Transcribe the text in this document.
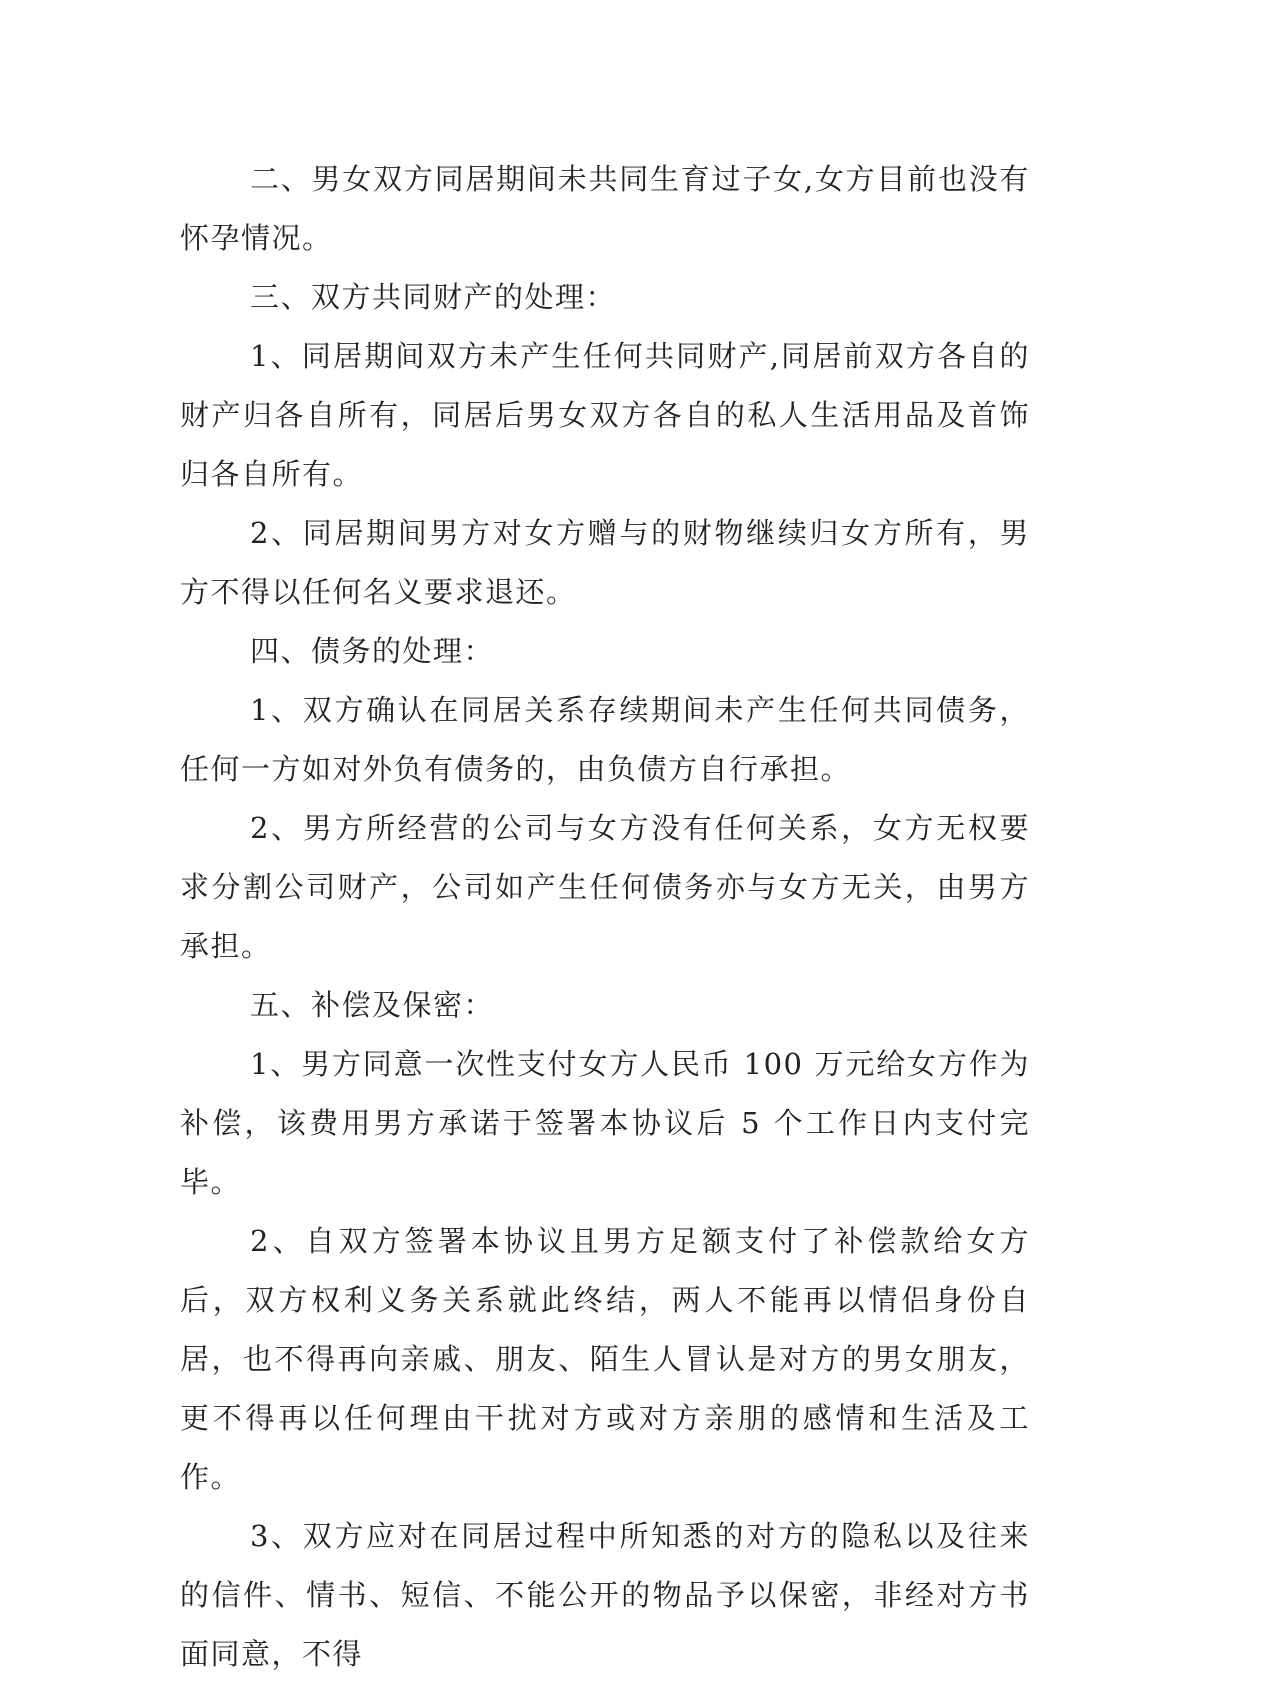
二、男女双方同居期间未共同生育过子女,女方目前也没有怀孕情况。

三、双方共同财产的处理：

1、同居期间双方未产生任何共同财产,同居前双方各自的财产归各自所有，同居后男女双方各自的私人生活用品及首饰归各自所有。

2、同居期间男方对女方赠与的财物继续归女方所有，男方不得以任何名义要求退还。

四、债务的处理：

1、双方确认在同居关系存续期间未产生任何共同债务，任何一方如对外负有债务的，由负债方自行承担。

2、男方所经营的公司与女方没有任何关系，女方无权要求分割公司财产，公司如产生任何债务亦与女方无关，由男方承担。

五、补偿及保密：

1、男方同意一次性支付女方人民币 100 万元给女方作为补偿，该费用男方承诺于签署本协议后 5 个工作日内支付完毕。

2、自双方签署本协议且男方足额支付了补偿款给女方后，双方权利义务关系就此终结，两人不能再以情侣身份自居，也不得再向亲戚、朋友、陌生人冒认是对方的男女朋友，更不得再以任何理由干扰对方或对方亲朋的感情和生活及工作。

3、双方应对在同居过程中所知悉的对方的隐私以及往来的信件、情书、短信、不能公开的物品予以保密，非经对方书面同意，不得
